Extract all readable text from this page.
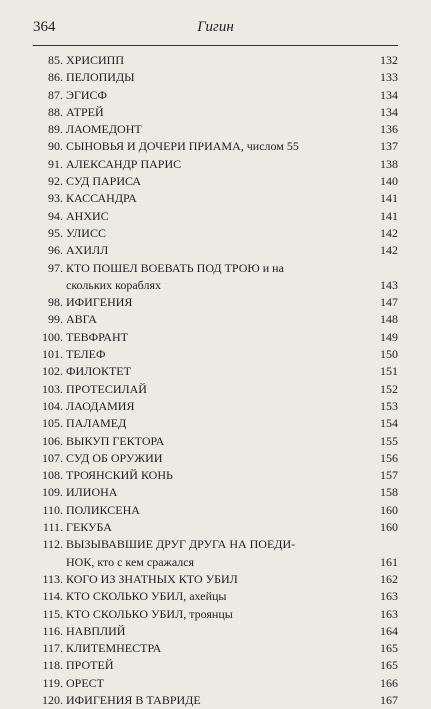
364	Гигин
85. ХРИСИПП	132
86. ПЕЛОПИДЫ	133
87. ЭГИСФ	134
88. АТРЕЙ	134
89. ЛАОМЕДОНТ	136
90. СЫНОВЬЯ И ДОЧЕРИ ПРИАМА, числом 55	137
91. АЛЕКСАНДР ПАРИС	138
92. СУД ПАРИСА	140
93. КАССАНДРА	141
94. АНХИС	141
95. УЛИСС	142
96. АХИЛЛ	142
97. КТО ПОШЕЛ ВОЕВАТЬ ПОД ТРОЮ и на
скольких кораблях	143
98. ИФИГЕНИЯ	147
99. АВГА	148
100. ТЕВФРАНТ	149
101. ТЕЛЕФ	150
102. ФИЛОКТЕТ	151
103. ПРОТЕСИЛАЙ	152
104. ЛАОДАМИЯ	153
105. ПАЛАМЕД	154
106. ВЫКУП ГЕКТОРА	155
107. СУД ОБ ОРУЖИИ	156
108. ТРОЯНСКИЙ КОНЬ	157
109. ИЛИОНА	158
110. ПОЛИКСЕНА	160
111. ГЕКУБА	160
112. ВЫЗЫВАВШИЕ ДРУГ ДРУГА НА ПОЕДИ-
НОК, кто с кем сражался	161
113. КОГО ИЗ ЗНАТНЫХ КТО УБИЛ	162
114. КТО СКОЛЬКО УБИЛ, ахейцы	163
115. КТО СКОЛЬКО УБИЛ, троянцы	163
116. НАВПЛИЙ	164
117. КЛИТЕМНЕСТРА	165
118. ПРОТЕЙ	165
119. ОРЕСТ	166
120. ИФИГЕНИЯ В ТАВРИДЕ	167
